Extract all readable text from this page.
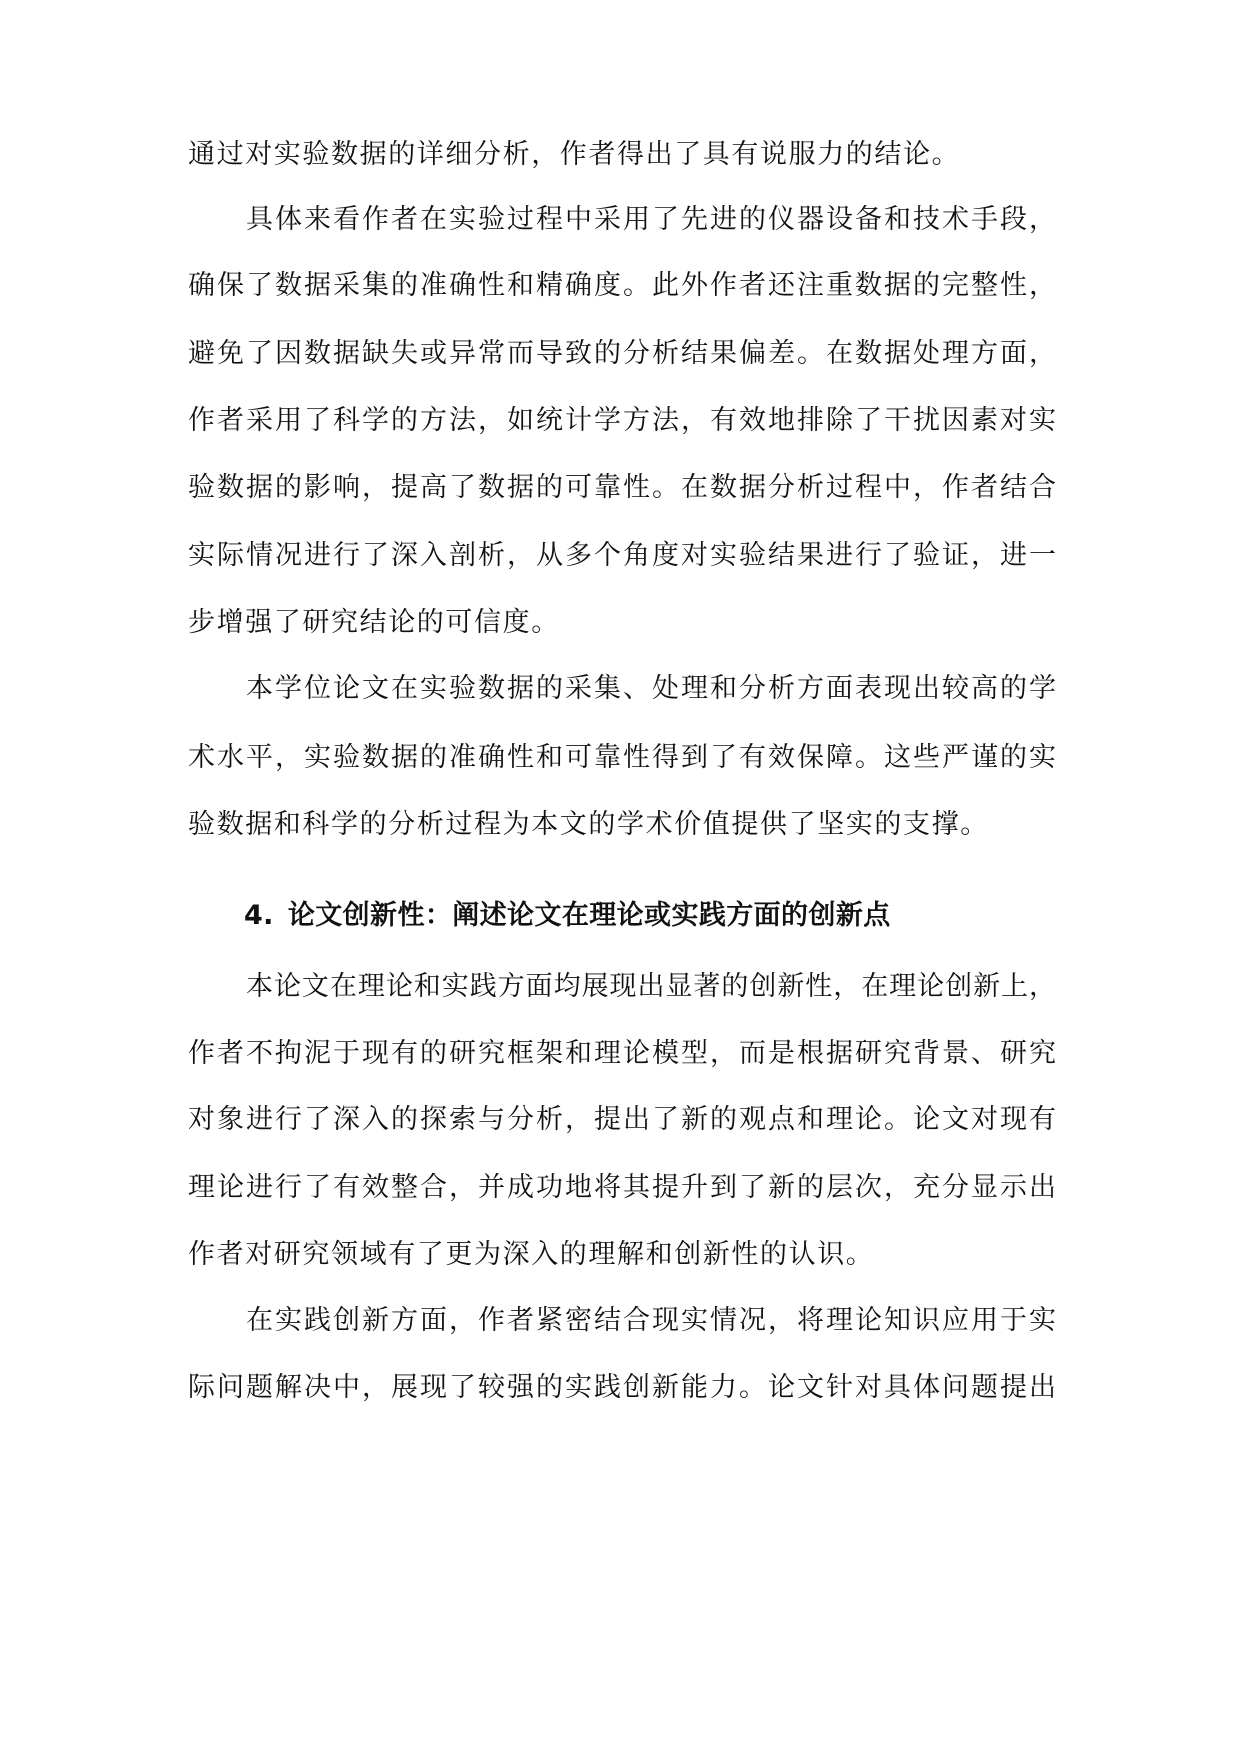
通过对实验数据的详细分析，作者得出了具有说服力的结论。

具体来看作者在实验过程中采用了先进的仪器设备和技术手段，

确保了数据采集的准确性和精确度。此外作者还注重数据的完整性，

避免了因数据缺失或异常而导致的分析结果偏差。在数据处理方面，

作者采用了科学的方法，如统计学方法，有效地排除了干扰因素对实

验数据的影响，提高了数据的可靠性。在数据分析过程中，作者结合

实际情况进行了深入剖析，从多个角度对实验结果进行了验证，进一

步增强了研究结论的可信度。

本学位论文在实验数据的采集、处理和分析方面表现出较高的学

术水平，实验数据的准确性和可靠性得到了有效保障。这些严谨的实

验数据和科学的分析过程为本文的学术价值提供了坚实的支撑。

4. 论文创新性：阐述论文在理论或实践方面的创新点

本论文在理论和实践方面均展现出显著的创新性，在理论创新上，

作者不拘泥于现有的研究框架和理论模型，而是根据研究背景、研究

对象进行了深入的探索与分析，提出了新的观点和理论。论文对现有

理论进行了有效整合，并成功地将其提升到了新的层次，充分显示出

作者对研究领域有了更为深入的理解和创新性的认识。

在实践创新方面，作者紧密结合现实情况，将理论知识应用于实

际问题解决中，展现了较强的实践创新能力。论文针对具体问题提出
